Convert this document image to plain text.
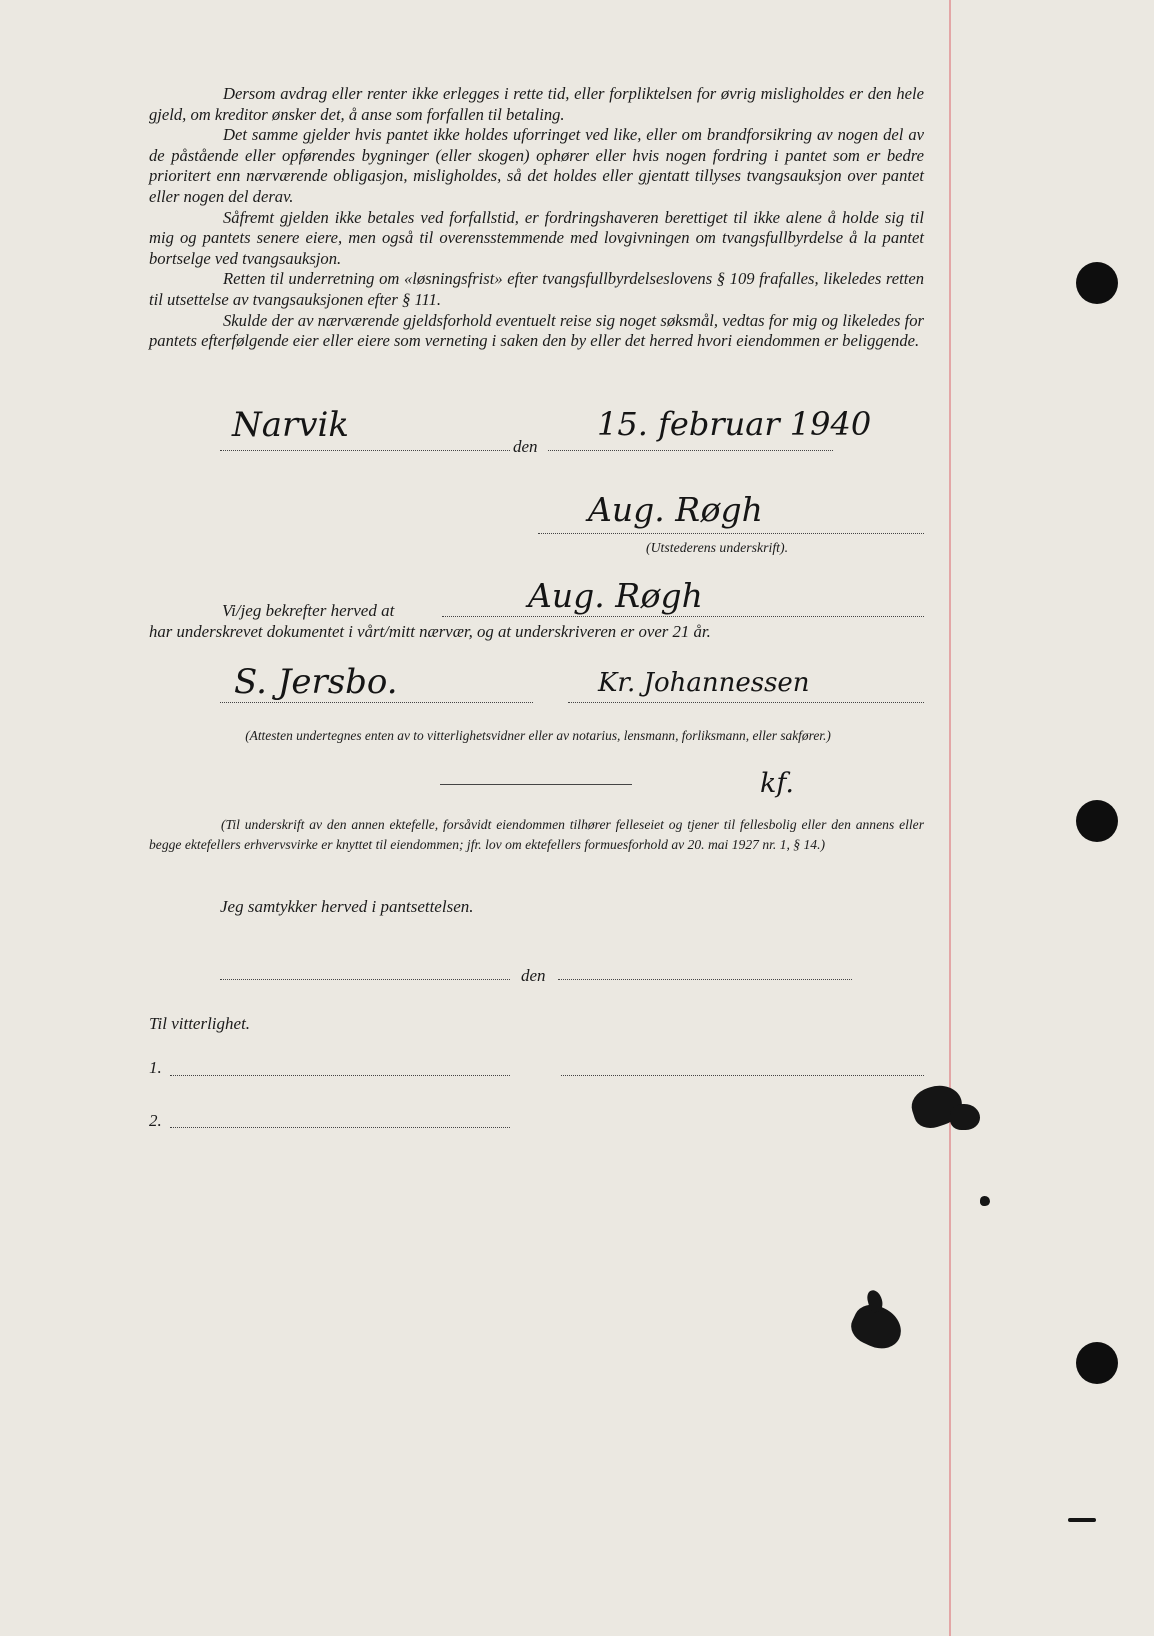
Dersom avdrag eller renter ikke erlegges i rette tid, eller forpliktelsen for øvrig misligholdes er den hele gjeld, om kreditor ønsker det, å anse som forfallen til betaling.

Det samme gjelder hvis pantet ikke holdes uforringet ved like, eller om brandforsikring av nogen del av de påstående eller opførendes bygninger (eller skogen) ophører eller hvis nogen fordring i pantet som er bedre prioritert enn nærværende obligasjon, misligholdes, så det holdes eller gjentatt tillyses tvangsauksjon over pantet eller nogen del derav.

Såfremt gjelden ikke betales ved forfallstid, er fordringshaveren berettiget til ikke alene å holde sig til mig og pantets senere eiere, men også til overensstemmende med lovgivningen om tvangsfullbyrdelse å la pantet bortselge ved tvangsauksjon.

Retten til underretning om «løsningsfrist» efter tvangsfullbyrdelseslovens § 109 frafalles, likeledes retten til utsettelse av tvangsauksjonen efter § 111.

Skulde der av nærværende gjeldsforhold eventuelt reise sig noget søksmål, vedtas for mig og likeledes for pantets efterfølgende eier eller eiere som verneting i saken den by eller det herred hvori eiendommen er beliggende.

Narvik
den
15. februar 1940
Aug. Røgh
(Utstederens underskrift).
Vi/jeg bekrefter herved at	Aug. Røgh
har underskrevet dokumentet i vårt/mitt nærvær, og at underskriveren er over 21 år.
S. Jersbo.	Kr. Johannessen
(Attesten undertegnes enten av to vitterlighetsvidner eller av notarius, lensmann, forliksmann, eller sakfører.)
kf.
(Til underskrift av den annen ektefelle, forsåvidt eiendommen tilhører felleseiet og tjener til fellesbolig eller den annens eller begge ektefellers erhvervsvirke er knyttet til eiendommen; jfr. lov om ektefellers formuesforhold av 20. mai 1927 nr. 1, § 14.)
Jeg samtykker herved i pantsettelsen.
den
Til vitterlighet.
1.
2.
